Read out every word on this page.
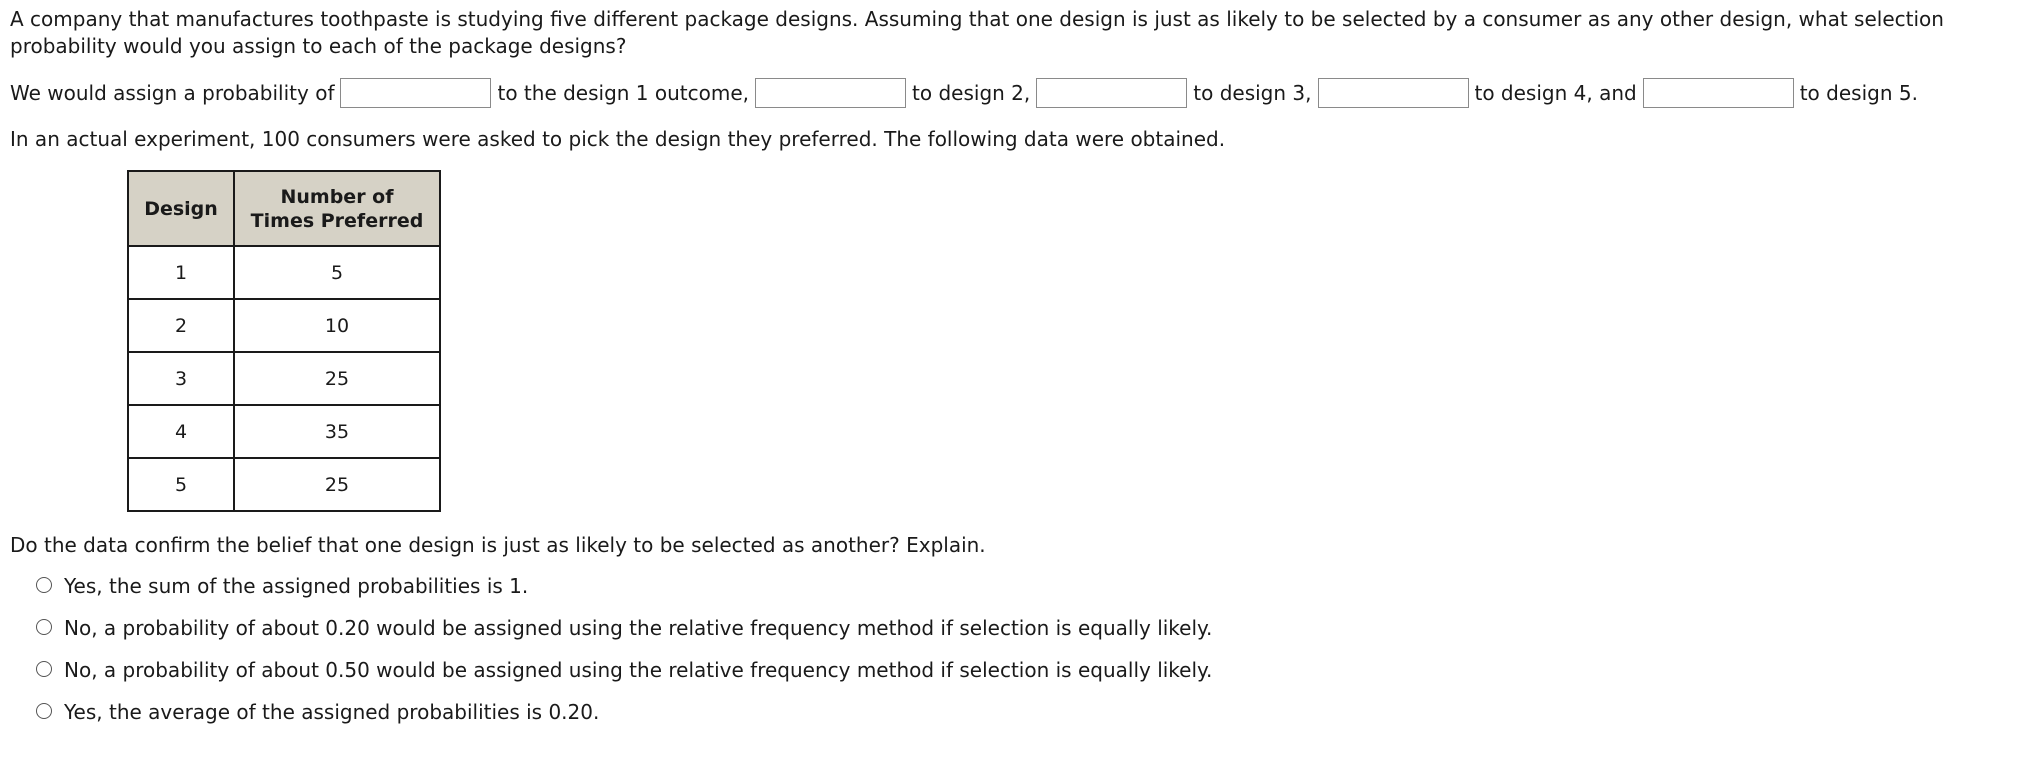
A company that manufactures toothpaste is studying five different package designs. Assuming that one design is just as likely to be selected by a consumer as any other design, what selection probability would you assign to each of the package designs?

We would assign a probability of	to the design 1 outcome,	to design 2,	to design 3,	to design 4, and	to design 5.
In an actual experiment, 100 consumers were asked to pick the design they preferred. The following data were obtained.
Design	Number of
Times Preferred
1	5
2	10
3	25
4	35
5	25
Do the data confirm the belief that one design is just as likely to be selected as another? Explain.
Yes, the sum of the assigned probabilities is 1.
No, a probability of about 0.20 would be assigned using the relative frequency method if selection is equally likely.
No, a probability of about 0.50 would be assigned using the relative frequency method if selection is equally likely.
Yes, the average of the assigned probabilities is 0.20.
